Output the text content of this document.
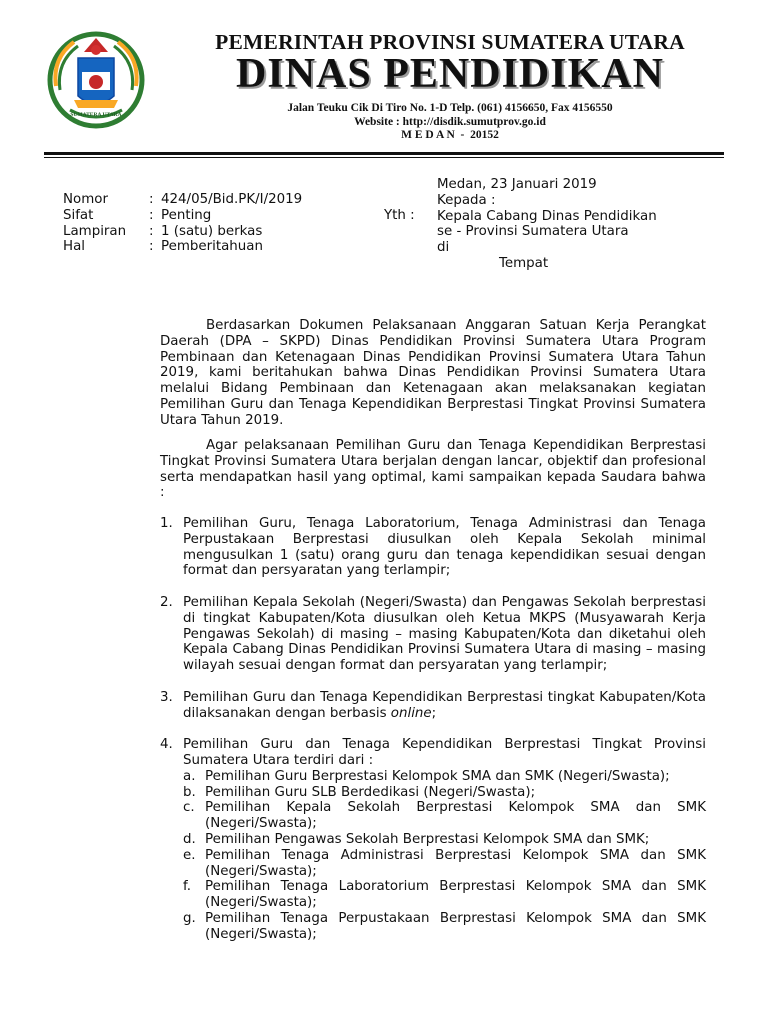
SUMATERA UTARA
PEMERINTAH PROVINSI SUMATERA UTARA
DINAS PENDIDIKAN
Jalan Teuku Cik Di Tiro No. 1-D Telp. (061) 4156650, Fax 4156550
Website : http://disdik.sumutprov.go.id
M E D A N  -  20152
Nomor	: 424/05/Bid.PK/I/2019
Sifat	: Penting
Lampiran : 1 (satu) berkas
Hal	: Pemberitahuan
Yth :
Medan, 23 Januari 2019
Kepada :
Kepala Cabang Dinas Pendidikan
se - Provinsi Sumatera Utara
di
Tempat

Berdasarkan Dokumen Pelaksanaan Anggaran Satuan Kerja Perangkat Daerah (DPA – SKPD) Dinas Pendidikan Provinsi Sumatera Utara Program Pembinaan dan Ketenagaan Dinas Pendidikan Provinsi Sumatera Utara Tahun 2019, kami beritahukan bahwa Dinas Pendidikan Provinsi Sumatera Utara melalui Bidang Pembinaan dan Ketenagaan akan melaksanakan kegiatan Pemilihan Guru dan Tenaga Kependidikan Berprestasi Tingkat Provinsi Sumatera Utara Tahun 2019.

Agar pelaksanaan Pemilihan Guru dan Tenaga Kependidikan Berprestasi Tingkat Provinsi Sumatera Utara berjalan dengan lancar, objektif dan profesional serta mendapatkan hasil yang optimal, kami sampaikan kepada Saudara bahwa :

1. Pemilihan Guru, Tenaga Laboratorium, Tenaga Administrasi dan Tenaga Perpustakaan Berprestasi diusulkan oleh Kepala Sekolah minimal mengusulkan 1 (satu) orang guru dan tenaga kependidikan sesuai dengan format dan persyaratan yang terlampir;
2. Pemilihan Kepala Sekolah (Negeri/Swasta) dan Pengawas Sekolah berprestasi di tingkat Kabupaten/Kota diusulkan oleh Ketua MKPS (Musyawarah Kerja Pengawas Sekolah) di masing – masing Kabupaten/Kota dan diketahui oleh Kepala Cabang Dinas Pendidikan Provinsi Sumatera Utara di masing – masing wilayah sesuai dengan format dan persyaratan yang terlampir;
3. Pemilihan Guru dan Tenaga Kependidikan Berprestasi tingkat Kabupaten/Kota dilaksanakan dengan berbasis online;
4. Pemilihan Guru dan Tenaga Kependidikan Berprestasi Tingkat Provinsi Sumatera Utara terdiri dari :
a. Pemilihan Guru Berprestasi Kelompok SMA dan SMK (Negeri/Swasta);
b. Pemilihan Guru SLB Berdedikasi (Negeri/Swasta);
c. Pemilihan Kepala Sekolah Berprestasi Kelompok SMA dan SMK (Negeri/Swasta);
d. Pemilihan Pengawas Sekolah Berprestasi Kelompok SMA dan SMK;
e. Pemilihan Tenaga Administrasi Berprestasi Kelompok SMA dan SMK (Negeri/Swasta);
f. Pemilihan Tenaga Laboratorium Berprestasi Kelompok SMA dan SMK (Negeri/Swasta);
g. Pemilihan Tenaga Perpustakaan Berprestasi Kelompok SMA dan SMK (Negeri/Swasta);
